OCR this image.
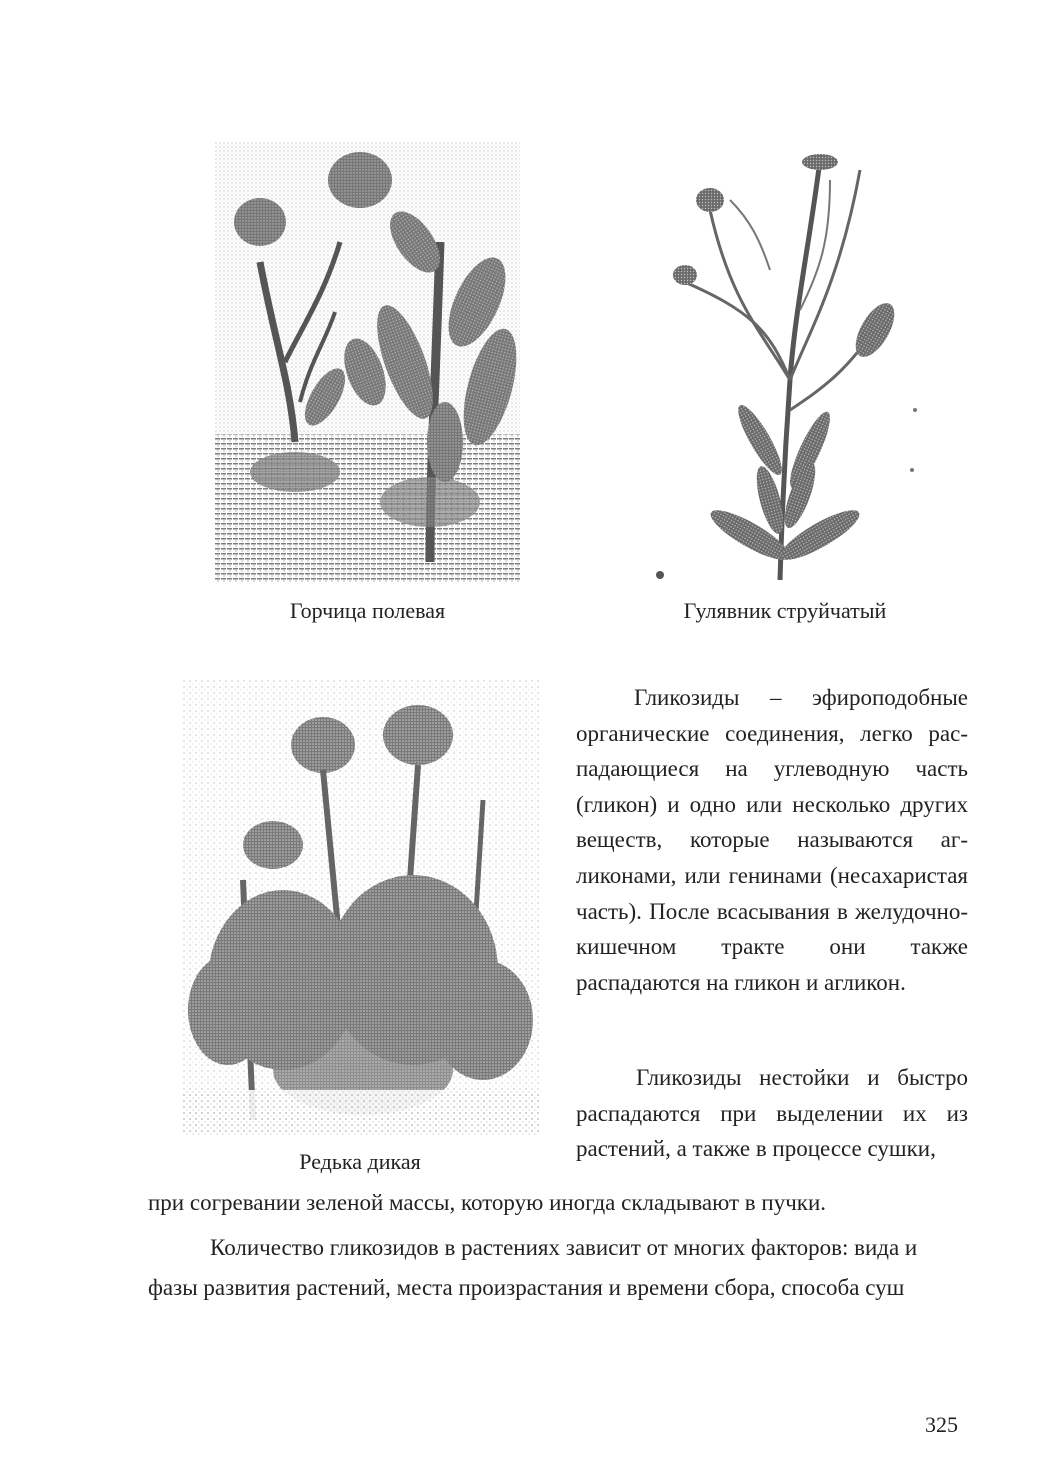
Горчица полевая	Гулявник струйчатый
Редька дикая
Гликозиды – эфироподобные органические соединения, легко распадающиеся на углеводную часть (гликон) и одно или несколько других веществ, которые называются агликонами, или генинами (несахаристая часть). После всасывания в желудочно-кишечном тракте они также распадаются на гликон и агликон.
Гликозиды нестойки и быстро распадаются при выделении их из растений, а также в процессе сушки,
при согревании зеленой массы, которую иногда складывают в пучки.
Количество гликозидов в растениях зависит от многих факторов: вида и
фазы развития растений, места произрастания и времени сбора, способа суш
325
